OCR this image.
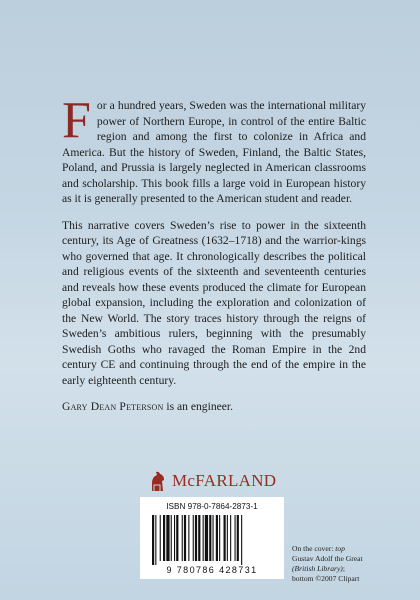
For a hundred years, Sweden was the international military power of Northern Europe, in control of the entire Baltic region and among the first to colonize in Africa and America. But the history of Sweden, Finland, the Baltic States, Poland, and Prussia is largely neglected in American classrooms and scholarship. This book fills a large void in European history as it is generally presented to the American student and reader.

This narrative covers Sweden’s rise to power in the sixteenth century, its Age of Greatness (1632–1718) and the warrior-kings who governed that age. It chronologically describes the political and religious events of the sixteenth and seventeenth centuries and reveals how these events produced the climate for European global expansion, including the exploration and colonization of the New World. The story traces history through the reigns of Sweden’s ambitious rulers, beginning with the presumably Swedish Goths who ravaged the Roman Empire in the 2nd century CE and continuing through the end of the empire in the early eighteenth century.

Gary Dean Peterson is an engineer.

McFARLAND
ISBN 978-0-7864-2873-1
9 780786 428731
On the cover: top
Gustav Adolf the Great
(British Library);
bottom ©2007 Clipart
